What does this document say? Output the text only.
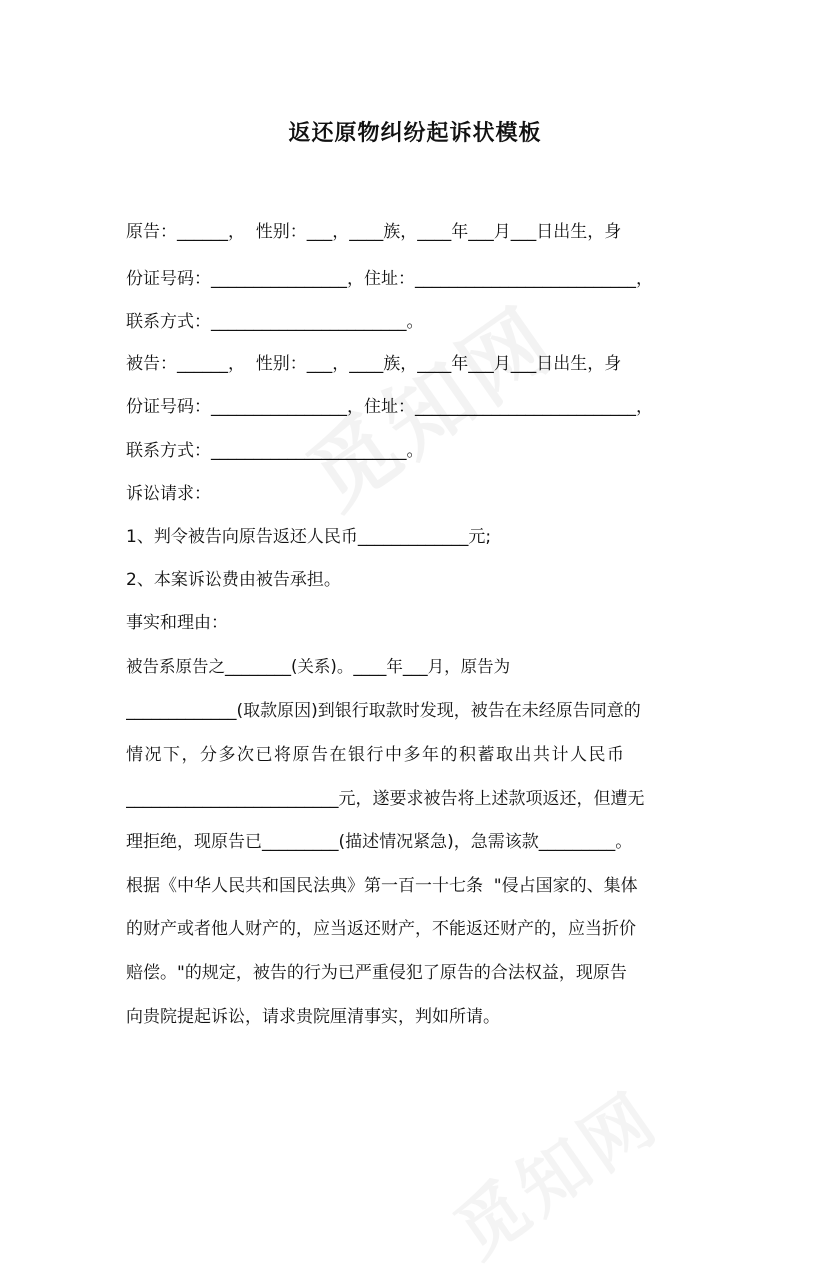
返还原物纠纷起诉状模板
原告：______，  性别：___，____族，____年___月___日出生，身
份证号码：________________，住址：__________________________，
联系方式：_______________________。
被告：______，  性别：___，____族，____年___月___日出生，身
份证号码：________________，住址：__________________________，
联系方式：_______________________。
诉讼请求：
1、判令被告向原告返还人民币_____________元;
2、本案诉讼费由被告承担。
事实和理由：
被告系原告之________(关系)。____年___月，原告为
_____________(取款原因)到银行取款时发现，被告在未经原告同意的
情况下，分多次已将原告在银行中多年的积蓄取出共计人民币
_________________________元，遂要求被告将上述款项返还，但遭无
理拒绝，现原告已_________(描述情况紧急)，急需该款_________。
根据《中华人民共和国民法典》第一百一十七条  "侵占国家的、集体
的财产或者他人财产的，应当返还财产，不能返还财产的，应当折价
赔偿。"的规定，被告的行为已严重侵犯了原告的合法权益，现原告
向贵院提起诉讼，请求贵院厘清事实，判如所请。
